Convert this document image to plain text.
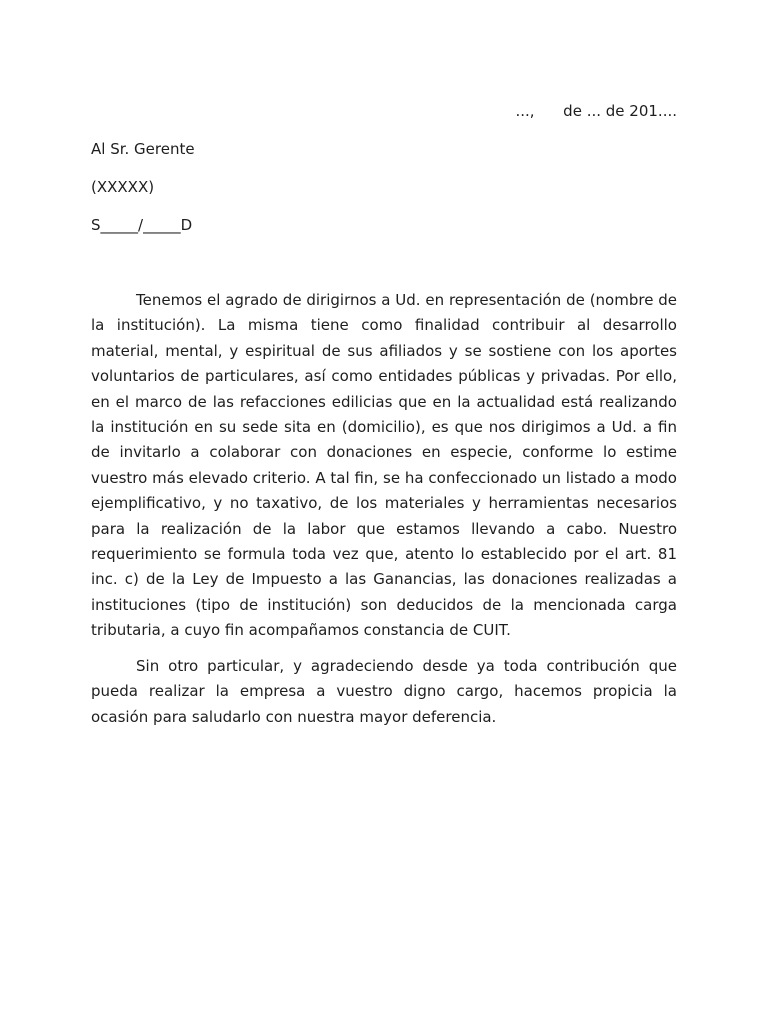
...,      de ... de 201....
Al Sr. Gerente
(XXXXX)
S_____/_____D

Tenemos el agrado de dirigirnos a Ud. en representación de (nombre de la institución). La misma tiene como finalidad contribuir al desarrollo material, mental, y espiritual de sus afiliados y se sostiene con los aportes voluntarios de particulares, así como entidades públicas y privadas. Por ello, en el marco de las refacciones edilicias que en la actualidad está realizando la institución en su sede sita en (domicilio), es que nos dirigimos a Ud. a fin de invitarlo a colaborar con donaciones en especie, conforme lo estime vuestro más elevado criterio. A tal fin, se ha confeccionado un listado a modo ejemplificativo, y no taxativo, de los materiales y herramientas necesarios para la realización de la labor que estamos llevando a cabo. Nuestro requerimiento se formula toda vez que, atento lo establecido por el art. 81 inc. c) de la Ley de Impuesto a las Ganancias, las donaciones realizadas a instituciones (tipo de institución) son deducidos de la mencionada carga tributaria, a cuyo fin acompañamos constancia de CUIT.

Sin otro particular, y agradeciendo desde ya toda contribución que pueda realizar la empresa a vuestro digno cargo, hacemos propicia la ocasión para saludarlo con nuestra mayor deferencia.
